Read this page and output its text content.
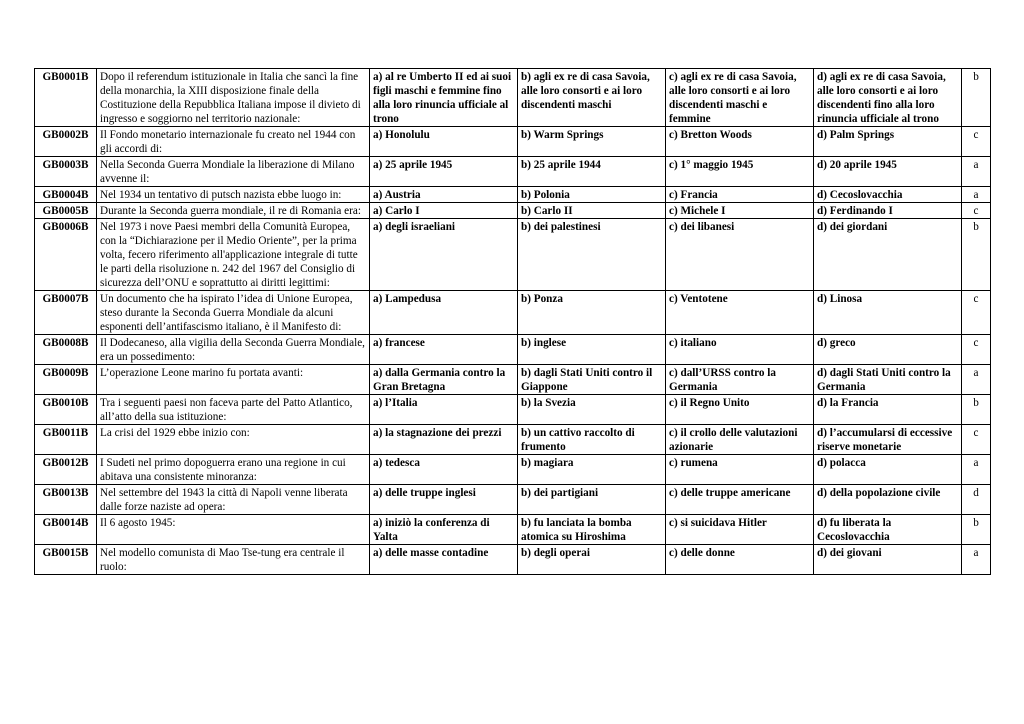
GB0001B	Dopo il referendum istituzionale in Italia che sancì la fine della monarchia, la XIII disposizione finale della Costituzione della Repubblica Italiana impose il divieto di ingresso e soggiorno nel territorio nazionale:	a) al re Umberto II ed ai suoi figli maschi e femmine fino alla loro rinuncia ufficiale al trono	b) agli ex re di casa Savoia, alle loro consorti e ai loro discendenti maschi	c) agli ex re di casa Savoia, alle loro consorti e ai loro discendenti maschi e femmine	d) agli ex re di casa Savoia, alle loro consorti e ai loro discendenti fino alla loro rinuncia ufficiale al trono	b
GB0002B	Il Fondo monetario internazionale fu creato nel 1944 con gli accordi di:	a) Honolulu	b) Warm Springs	c) Bretton Woods	d) Palm Springs	c
GB0003B	Nella Seconda Guerra Mondiale la liberazione di Milano avvenne il:	a) 25 aprile 1945	b) 25 aprile 1944	c) 1° maggio 1945	d) 20 aprile 1945	a
GB0004B	Nel 1934 un tentativo di putsch nazista ebbe luogo in:	a) Austria	b) Polonia	c) Francia	d) Cecoslovacchia	a
GB0005B	Durante la Seconda guerra mondiale, il re di Romania era:	a) Carlo I	b) Carlo II	c) Michele I	d) Ferdinando I	c
GB0006B	Nel 1973 i nove Paesi membri della Comunità Europea, con la “Dichiarazione per il Medio Oriente”, per la prima volta, fecero riferimento all'applicazione integrale di tutte le parti della risoluzione n. 242 del 1967 del Consiglio di sicurezza dell’ONU e soprattutto ai diritti legittimi:	a) degli israeliani	b) dei palestinesi	c) dei libanesi	d) dei giordani	b
GB0007B	Un documento che ha ispirato l’idea di Unione Europea, steso durante la Seconda Guerra Mondiale da alcuni esponenti dell’antifascismo italiano, è il Manifesto di:	a) Lampedusa	b) Ponza	c) Ventotene	d) Linosa	c
GB0008B	Il Dodecaneso, alla vigilia della Seconda Guerra Mondiale, era un possedimento:	a) francese	b) inglese	c) italiano	d) greco	c
GB0009B	L’operazione Leone marino fu portata avanti:	a) dalla Germania contro la Gran Bretagna	b) dagli Stati Uniti contro il Giappone	c) dall’URSS contro la Germania	d) dagli Stati Uniti contro la Germania	a
GB0010B	Tra i seguenti paesi non faceva parte del Patto Atlantico, all’atto della sua istituzione:	a) l’Italia	b) la Svezia	c) il Regno Unito	d) la Francia	b
GB0011B	La crisi del 1929 ebbe inizio con:	a) la stagnazione dei prezzi	b) un cattivo raccolto di frumento	c) il crollo delle valutazioni azionarie	d) l’accumularsi di eccessive riserve monetarie	c
GB0012B	I Sudeti nel primo dopoguerra erano una regione in cui abitava una consistente minoranza:	a) tedesca	b) magiara	c) rumena	d) polacca	a
GB0013B	Nel settembre del 1943 la città di Napoli venne liberata dalle forze naziste ad opera:	a) delle truppe inglesi	b) dei partigiani	c) delle truppe americane	d) della popolazione civile	d
GB0014B	Il 6 agosto 1945:	a) iniziò la conferenza di Yalta	b) fu lanciata la bomba atomica su Hiroshima	c) si suicidava Hitler	d) fu liberata la Cecoslovacchia	b
GB0015B	Nel modello comunista di Mao Tse-tung era centrale il ruolo:	a) delle masse contadine	b) degli operai	c) delle donne	d) dei giovani	a
